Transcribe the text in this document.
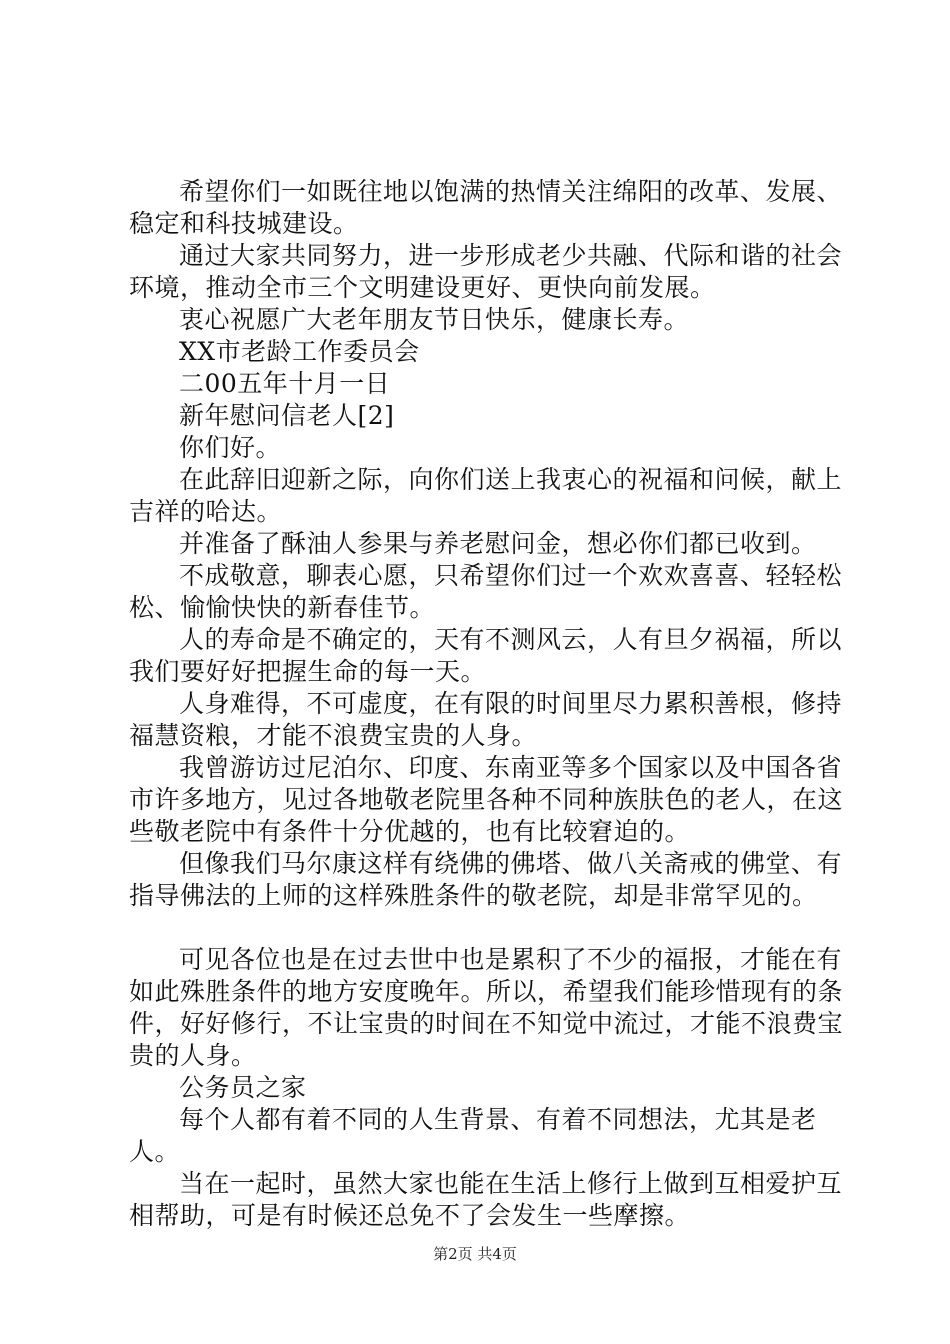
希望你们一如既往地以饱满的热情关注绵阳的改革、发展、稳定和科技城建设。

通过大家共同努力，进一步形成老少共融、代际和谐的社会环境，推动全市三个文明建设更好、更快向前发展。

衷心祝愿广大老年朋友节日快乐，健康长寿。

XX市老龄工作委员会

二00五年十月一日

新年慰问信老人[2]

你们好。

在此辞旧迎新之际，向你们送上我衷心的祝福和问候，献上吉祥的哈达。

并准备了酥油人参果与养老慰问金，想必你们都已收到。

不成敬意，聊表心愿，只希望你们过一个欢欢喜喜、轻轻松松、愉愉快快的新春佳节。

人的寿命是不确定的，天有不测风云，人有旦夕祸福，所以我们要好好把握生命的每一天。

人身难得，不可虚度，在有限的时间里尽力累积善根，修持福慧资粮，才能不浪费宝贵的人身。

我曾游访过尼泊尔、印度、东南亚等多个国家以及中国各省市许多地方，见过各地敬老院里各种不同种族肤色的老人，在这些敬老院中有条件十分优越的，也有比较窘迫的。

但像我们马尔康这样有绕佛的佛塔、做八关斋戒的佛堂、有指导佛法的上师的这样殊胜条件的敬老院，却是非常罕见的。

可见各位也是在过去世中也是累积了不少的福报，才能在有如此殊胜条件的地方安度晚年。所以，希望我们能珍惜现有的条件，好好修行，不让宝贵的时间在不知觉中流过，才能不浪费宝贵的人身。

公务员之家

每个人都有着不同的人生背景、有着不同想法，尤其是老人。

当在一起时，虽然大家也能在生活上修行上做到互相爱护互相帮助，可是有时候还总免不了会发生一些摩擦。

第2页 共4页
